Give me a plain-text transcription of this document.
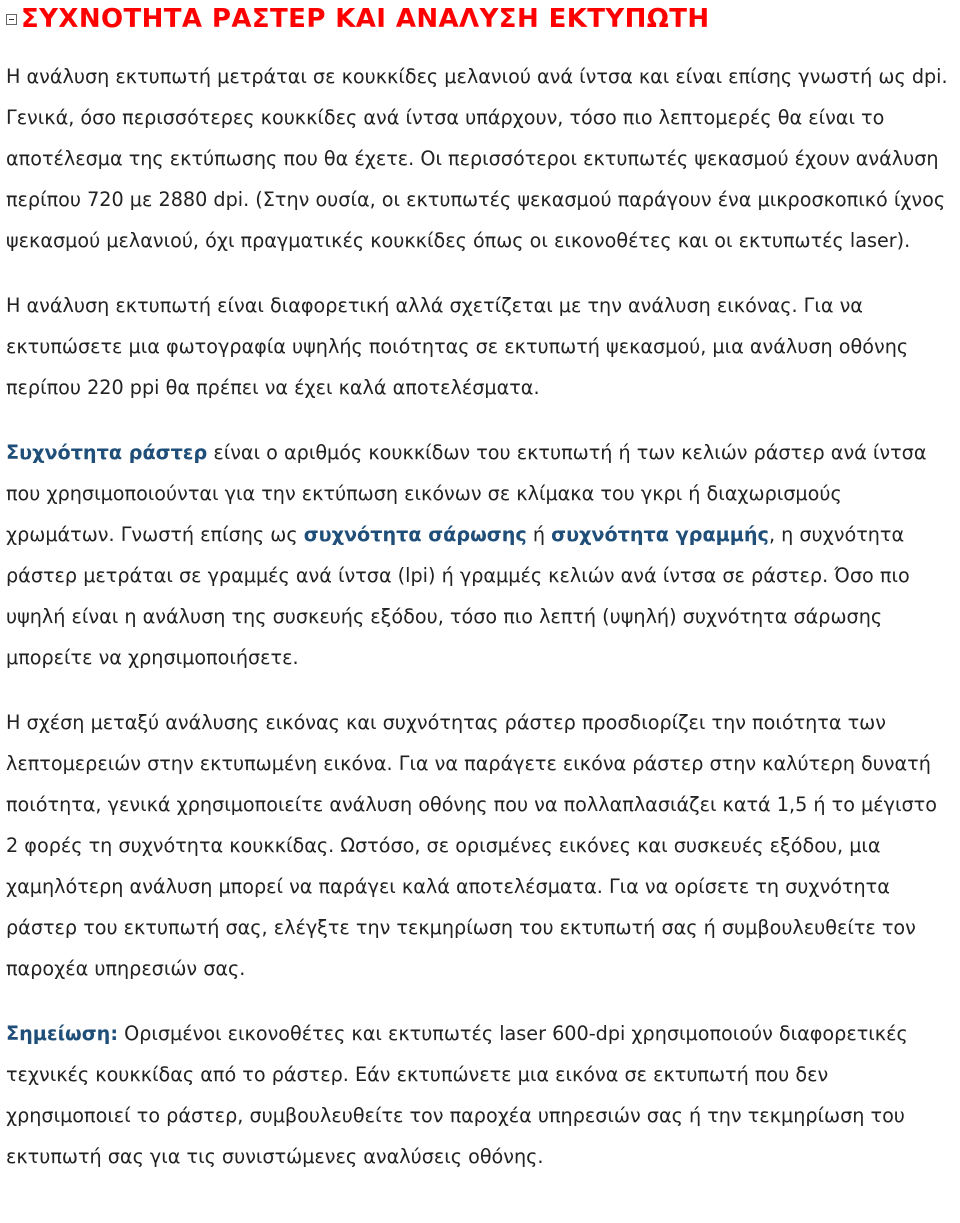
ΣΥΧΝΟΤΗΤΑ ΡΑΣΤΕΡ ΚΑΙ ΑΝΑΛΥΣΗ ΕΚΤΥΠΩΤΗ

Η ανάλυση εκτυπωτή μετράται σε κουκκίδες μελανιού ανά ίντσα και είναι επίσης γνωστή ως dpi. Γενικά, όσο περισσότερες κουκκίδες ανά ίντσα υπάρχουν, τόσο πιο λεπτομερές θα είναι το αποτέλεσμα της εκτύπωσης που θα έχετε. Οι περισσότεροι εκτυπωτές ψεκασμού έχουν ανάλυση περίπου 720 με 2880 dpi. (Στην ουσία, οι εκτυπωτές ψεκασμού παράγουν ένα μικροσκοπικό ίχνος ψεκασμού μελανιού, όχι πραγματικές κουκκίδες όπως οι εικονοθέτες και οι εκτυπωτές laser).

Η ανάλυση εκτυπωτή είναι διαφορετική αλλά σχετίζεται με την ανάλυση εικόνας. Για να εκτυπώσετε μια φωτογραφία υψηλής ποιότητας σε εκτυπωτή ψεκασμού, μια ανάλυση οθόνης περίπου 220 ppi θα πρέπει να έχει καλά αποτελέσματα.

Συχνότητα ράστερ είναι ο αριθμός κουκκίδων του εκτυπωτή ή των κελιών ράστερ ανά ίντσα που χρησιμοποιούνται για την εκτύπωση εικόνων σε κλίμακα του γκρι ή διαχωρισμούς χρωμάτων. Γνωστή επίσης ως συχνότητα σάρωσης ή συχνότητα γραμμής, η συχνότητα ράστερ μετράται σε γραμμές ανά ίντσα (lpi) ή γραμμές κελιών ανά ίντσα σε ράστερ. Όσο πιο υψηλή είναι η ανάλυση της συσκευής εξόδου, τόσο πιο λεπτή (υψηλή) συχνότητα σάρωσης μπορείτε να χρησιμοποιήσετε.

Η σχέση μεταξύ ανάλυσης εικόνας και συχνότητας ράστερ προσδιορίζει την ποιότητα των λεπτομερειών στην εκτυπωμένη εικόνα. Για να παράγετε εικόνα ράστερ στην καλύτερη δυνατή ποιότητα, γενικά χρησιμοποιείτε ανάλυση οθόνης που να πολλαπλασιάζει κατά 1,5 ή το μέγιστο 2 φορές τη συχνότητα κουκκίδας. Ωστόσο, σε ορισμένες εικόνες και συσκευές εξόδου, μια χαμηλότερη ανάλυση μπορεί να παράγει καλά αποτελέσματα. Για να ορίσετε τη συχνότητα ράστερ του εκτυπωτή σας, ελέγξτε την τεκμηρίωση του εκτυπωτή σας ή συμβουλευθείτε τον παροχέα υπηρεσιών σας.

Σημείωση: Ορισμένοι εικονοθέτες και εκτυπωτές laser 600-dpi χρησιμοποιούν διαφορετικές τεχνικές κουκκίδας από το ράστερ. Εάν εκτυπώνετε μια εικόνα σε εκτυπωτή που δεν χρησιμοποιεί το ράστερ, συμβουλευθείτε τον παροχέα υπηρεσιών σας ή την τεκμηρίωση του εκτυπωτή σας για τις συνιστώμενες αναλύσεις οθόνης.
